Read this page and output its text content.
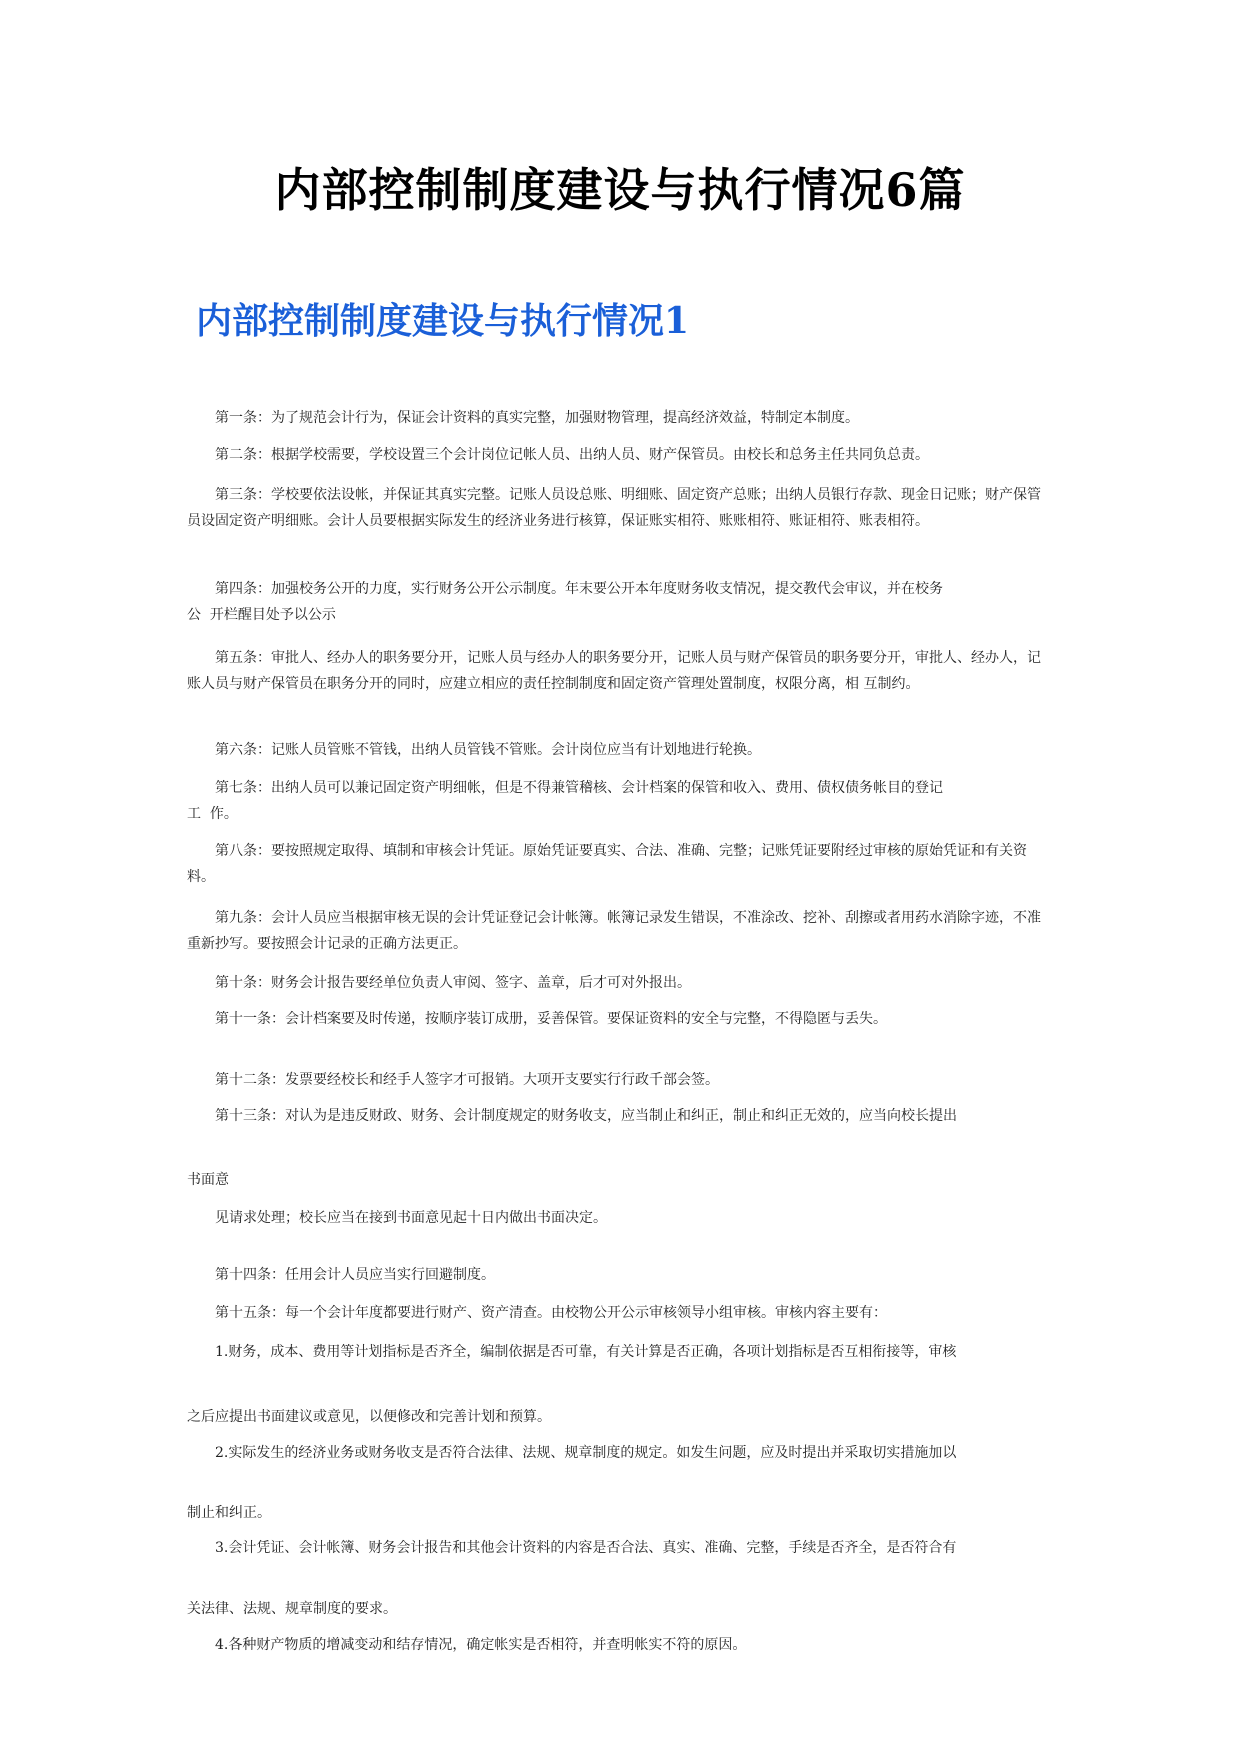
内部控制制度建设与执行情况6篇
内部控制制度建设与执行情况1

第一条：为了规范会计行为，保证会计资料的真实完整，加强财物管理，提高经济效益，特制定本制度。

第二条：根据学校需要，学校设置三个会计岗位记帐人员、出纳人员、财产保管员。由校长和总务主任共同负总责。

第三条：学校要依法设帐，并保证其真实完整。记账人员设总账、明细账、固定资产总账；出纳人员银行存款、现金日记账；财产保管员设固定资产明细账。会计人员要根据实际发生的经济业务进行核算，保证账实相符、账账相符、账证相符、账表相符。

第四条：加强校务公开的力度，实行财务公开公示制度。年末要公开本年度财务收支情况，提交教代会审议，并在校务
公  开栏醒目处予以公示

第五条：审批人、经办人的职务要分开，记账人员与经办人的职务要分开，记账人员与财产保管员的职务要分开，审批人、经办人，记账人员与财产保管员在职务分开的同时，应建立相应的责任控制制度和固定资产管理处置制度，权限分离，相 互制约。

第六条：记账人员管账不管钱，出纳人员管钱不管账。会计岗位应当有计划地进行轮换。

第七条：出纳人员可以兼记固定资产明细帐，但是不得兼管稽核、会计档案的保管和收入、费用、债权债务帐目的登记
工  作。

第八条：要按照规定取得、填制和审核会计凭证。原始凭证要真实、合法、准确、完整；记账凭证要附经过审核的原始凭证和有关资料。

第九条：会计人员应当根据审核无误的会计凭证登记会计帐簿。帐簿记录发生错误，不准涂改、挖补、刮擦或者用药水消除字迹，不准重新抄写。要按照会计记录的正确方法更正。

第十条：财务会计报告要经单位负责人审阅、签字、盖章，后才可对外报出。

第十一条：会计档案要及时传递，按顺序装订成册，妥善保管。要保证资料的安全与完整，不得隐匿与丢失。

第十二条：发票要经校长和经手人签字才可报销。大项开支要实行行政千部会签。

第十三条：对认为是违反财政、财务、会计制度规定的财务收支，应当制止和纠正，制止和纠正无效的，应当向校长提出

书面意

见请求处理；校长应当在接到书面意见起十日内做出书面决定。

第十四条：任用会计人员应当实行回避制度。

第十五条：每一个会计年度都要进行财产、资产清查。由校物公开公示审核领导小组审核。审核内容主要有：

1.财务，成本、费用等计划指标是否齐全，编制依据是否可靠，有关计算是否正确，各项计划指标是否互相衔接等，审核

之后应提出书面建议或意见，以便修改和完善计划和预算。

2.实际发生的经济业务或财务收支是否符合法律、法规、规章制度的规定。如发生问题，应及时提出并采取切实措施加以

制止和纠正。

3.会计凭证、会计帐簿、财务会计报告和其他会计资料的内容是否合法、真实、准确、完整，手续是否齐全，是否符合有

关法律、法规、规章制度的要求。

4.各种财产物质的增减变动和结存情况，确定帐实是否相符，并查明帐实不符的原因。
